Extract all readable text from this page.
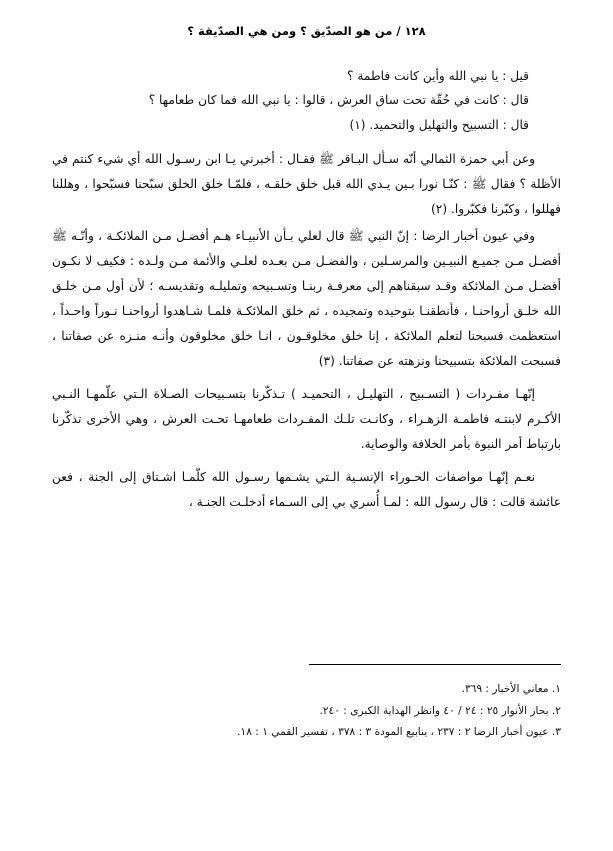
١٢٨ / من هو الصدّيق ؟ ومن هي الصدّيقة ؟

قيل : يا نبي الله وأين كانت فاطمة ؟

قال : كانت في حُقّة تحت ساق العرش ، قالوا : يا نبي الله فما كان طعامها ؟

قال : التسبيح والتهليل والتحميد. (١)

وعن أبي حمزة الثمالي أنّه سـأل البـاقر ﷺ فقـال : أخبرني يـا ابن رسـول الله أي شيء كنتم في الأظلة ؟ فقال ﷺ : كنّـا نورا بـين يـدي الله قبل خلق خلقـه ، فلمّـا خلق الخلق سبّحنا فسبّحوا ، وهللنا فهللوا ، وكبّرنا فكبّروا. (٢)

وفي عيون أخبار الرضا : إنّ النبي ﷺ قال لعلي بـأن الأنبيـاء هـم أفضـل مـن الملائكـة ، وأنّـه ﷺ أفضـل مـن جميـع النبيـين والمرسـلين ، والفضـل مـن بعـده لعلـي والأئمة مـن ولـده : فكيف لا نكـون أفضـل مـن الملائكة وقـد سبقناهم إلى معرفـة ربنـا وتسـبيحه وتمليلـه وتقديسـه ؛ لأن أول مـن خلـق الله خلـق أرواحنـا ، فأنطقنـا بتوحيده وتمجيده ، ثم خلق الملائكـة فلمـا شـاهدوا أرواحنـا نـوراً واحـداً ، استعظمت فسبحنا لتعلم الملائكة ، إنا خلق مخلوقـون ، انـا خلق مخلوقون وأنـه منـزه عن صفاتنا ، فسبحت الملائكة بتسبيحنا ونزهته عن صفاتنا. (٣)

إنّهـا مفـردات ( التسـبيح ، التهليـل ، التحميـد ) تـذكّرنا بتسـبيحات الصـلاة الـتي علّمهـا النـبي الأكـرم لابنتـه فاطمـة الزهـراء ، وكانـت تلـك المفـردات طعامهـا تحـت العرش ، وهي الأخرى تذكّرنا بارتباط أمر النبوة بأمر الخلافة والوصاية.

نعـم إنّهـا مواصفات الحـوراء الإنسـية الـتي يشـمها رسـول الله كلّمـا اشـتاق إلى الجنة ، فعن عائشة قالت : قال رسول الله : لمـا أُسري بي إلى السـماء أدخلـت الجنـة ،

١. معاني الأخبار : ٣٦٩.

٢. بحار الأنوار ٢٥ : ٢٤ / ٤٠ وانظر الهداية الكبرى : ٢٤٠.

٣. عيون أخبار الرضا ٢ : ٢٣٧ ، ينابيع المودة ٣ : ٣٧٨ ، تفسير القمي ١ : ١٨.
